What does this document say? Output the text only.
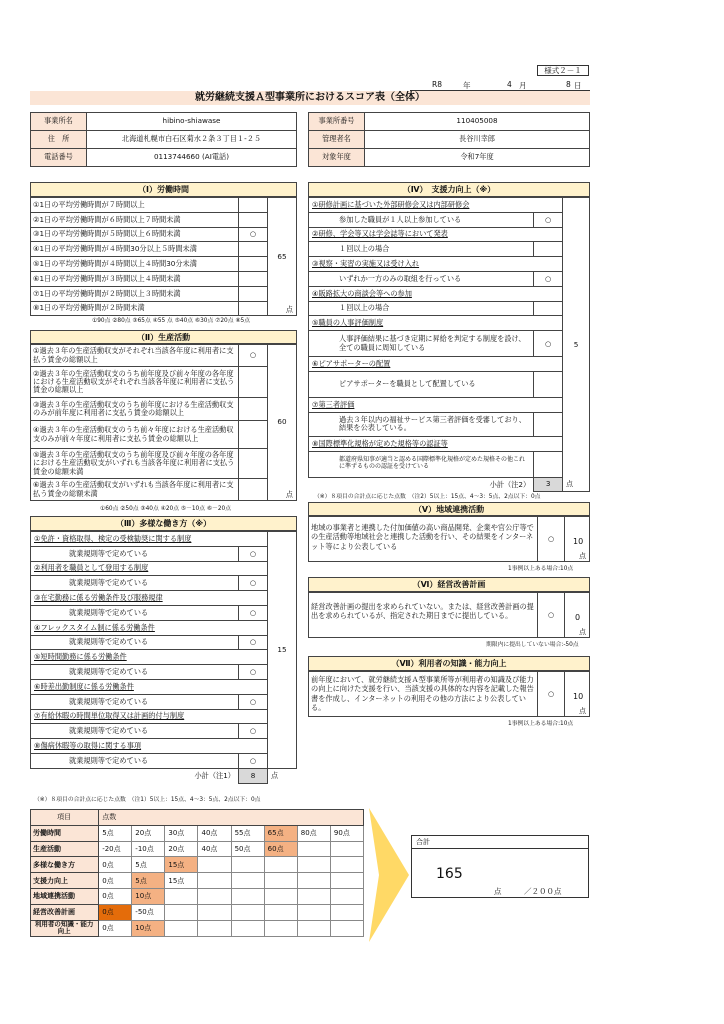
様式２－１
R8	年	4 月	8 日
就労継続支援Ａ型事業所におけるスコア表（全体）
事業所名	hibino-shiawase
住　所	北海道札幌市白石区菊水２条３丁目１-２５
電話番号	0113744660 (AI電話)
事業所番号	110405008
管理者名	長谷川幸郎
対象年度	令和7年度
（Ⅰ）労働時間
①1日の平均労働時間が７時間以上		65
点

②1日の平均労働時間が６時間以上７時間未満		
③1日の平均労働時間が５時間以上６時間未満	○	
④1日の平均労働時間が４時間30分以上５時間未満		
⑤1日の平均労働時間が４時間以上４時間30分未満		
⑥1日の平均労働時間が３時間以上４時間未満		
⑦1日の平均労働時間が２時間以上３時間未満		
⑧1日の平均労働時間が２時間未満		
①90点 ②80点 ③65点 ④55 点 ⑤40点 ⑥30点 ⑦20点 ⑧5点
（Ⅱ）生産活動
①過去３年の生産活動収支がそれぞれ当該各年度に利用者に支払う賃金の総額以上	○	60
点

②過去３年の生産活動収支のうち前年度及び前々年度の各年度における生産活動収支がそれぞれ当該各年度に利用者に支払う賃金の総額以上		
③過去３年の生産活動収支のうち前年度における生産活動収支のみが前年度に利用者に支払う賃金の総額以上		
④過去３年の生産活動収支のうち前々年度における生産活動収支のみが前々年度に利用者に支払う賃金の総額以上		
⑤過去３年の生産活動収支のうち前年度及び前々年度の各年度における生産活動収支がいずれも当該各年度に利用者に支払う賃金の総額未満		
⑥過去３年の生産活動収支がいずれも当該各年度に利用者に支払う賃金の総額未満		
①60点 ②50点 ③40点 ④20点 ⑤－10点 ⑥－20点
（Ⅲ）多様な働き方（※）
①免許・資格取得、検定の受検勧奨に関する制度		15
就業規則等で定めている	○	
②利用者を職員として登用する制度		
就業規則等で定めている	○	
③在宅勤務に係る労働条件及び服務規律		
就業規則等で定めている	○	
④フレックスタイム制に係る労働条件		
就業規則等で定めている	○	
⑤短時間勤務に係る労働条件		
就業規則等で定めている	○	
⑥時差出勤制度に係る労働条件		
就業規則等で定めている	○	
⑦有給休暇の時間単位取得又は計画的付与制度		
就業規則等で定めている	○	
⑧傷病休暇等の取得に関する事項		
就業規則等で定めている	○	
小計（注1）	8	点
（※）８項目の合計点に応じた点数　（注1）5以上：15点、4～3：5点、2点以下：0点
（Ⅳ）　支援力向上（※）
①研修計画に基づいた外部研修会又は内部研修会		5
参加した職員が１人以上参加している	○	
②研修、学会等又は学会誌等において発表		
１回以上の場合		
③視察・実習の実施又は受け入れ		
いずれか一方のみの取組を行っている	○	
④販路拡大の商談会等への参加		
１回以上の場合		
⑤職員の人事評価制度		
人事評価結果に基づき定期に昇給を判定する制度を設け、全ての職員に周知している	○	
⑥ピアサポーターの配置		
ピアサポーターを職員として配置している		
⑦第三者評価		
過去３年以内の福祉サービス第三者評価を受審しており、結果を公表している。		
⑧国際標準化規格が定めた規格等の認証等		
都道府県知事が適当と認める国際標準化規格が定めた規格その他これに準ずるものの認証を受けている		
小計（注2）	3	点
（※）８項目の合計点に応じた点数　（注2）5以上：15点、4～3：5点、2点以下：0点
（Ⅴ）地域連携活動
地域の事業者と連携した付加価値の高い商品開発、企業や官公庁等での生産活動等地域社会と連携した活動を行い、その結果をインターネット等により公表している
○	10
点
1事例以上ある場合:10点
（Ⅵ）経営改善計画
経営改善計画の提出を求められていない。または、経営改善計画の提出を求められているが、指定された期日までに提出している。	○	0
点
期限内に提出していない場合:-50点
（Ⅶ）利用者の知識・能力向上
前年度において、就労継続支援Ａ型事業所等が利用者の知識及び能力の向上に向けた支援を行い、当該支援の具体的な内容を記載した報告書を作成し、インターネットの利用その他の方法により公表している。
○	10
点
1事例以上ある場合:10点
項目	点数							
労働時間	5点	20点	30点	40点	55点	65点	80点	90点
生産活動	-20点	-10点	20点	40点	50点	60点		
多様な働き方	0点	5点	15点					
支援力向上	0点	5点	15点					
地域連携活動	0点	10点						
経営改善計画	0点	-50点						
利用者の知識・能力向上	0点	10点						
合計
165
点	／２００点
